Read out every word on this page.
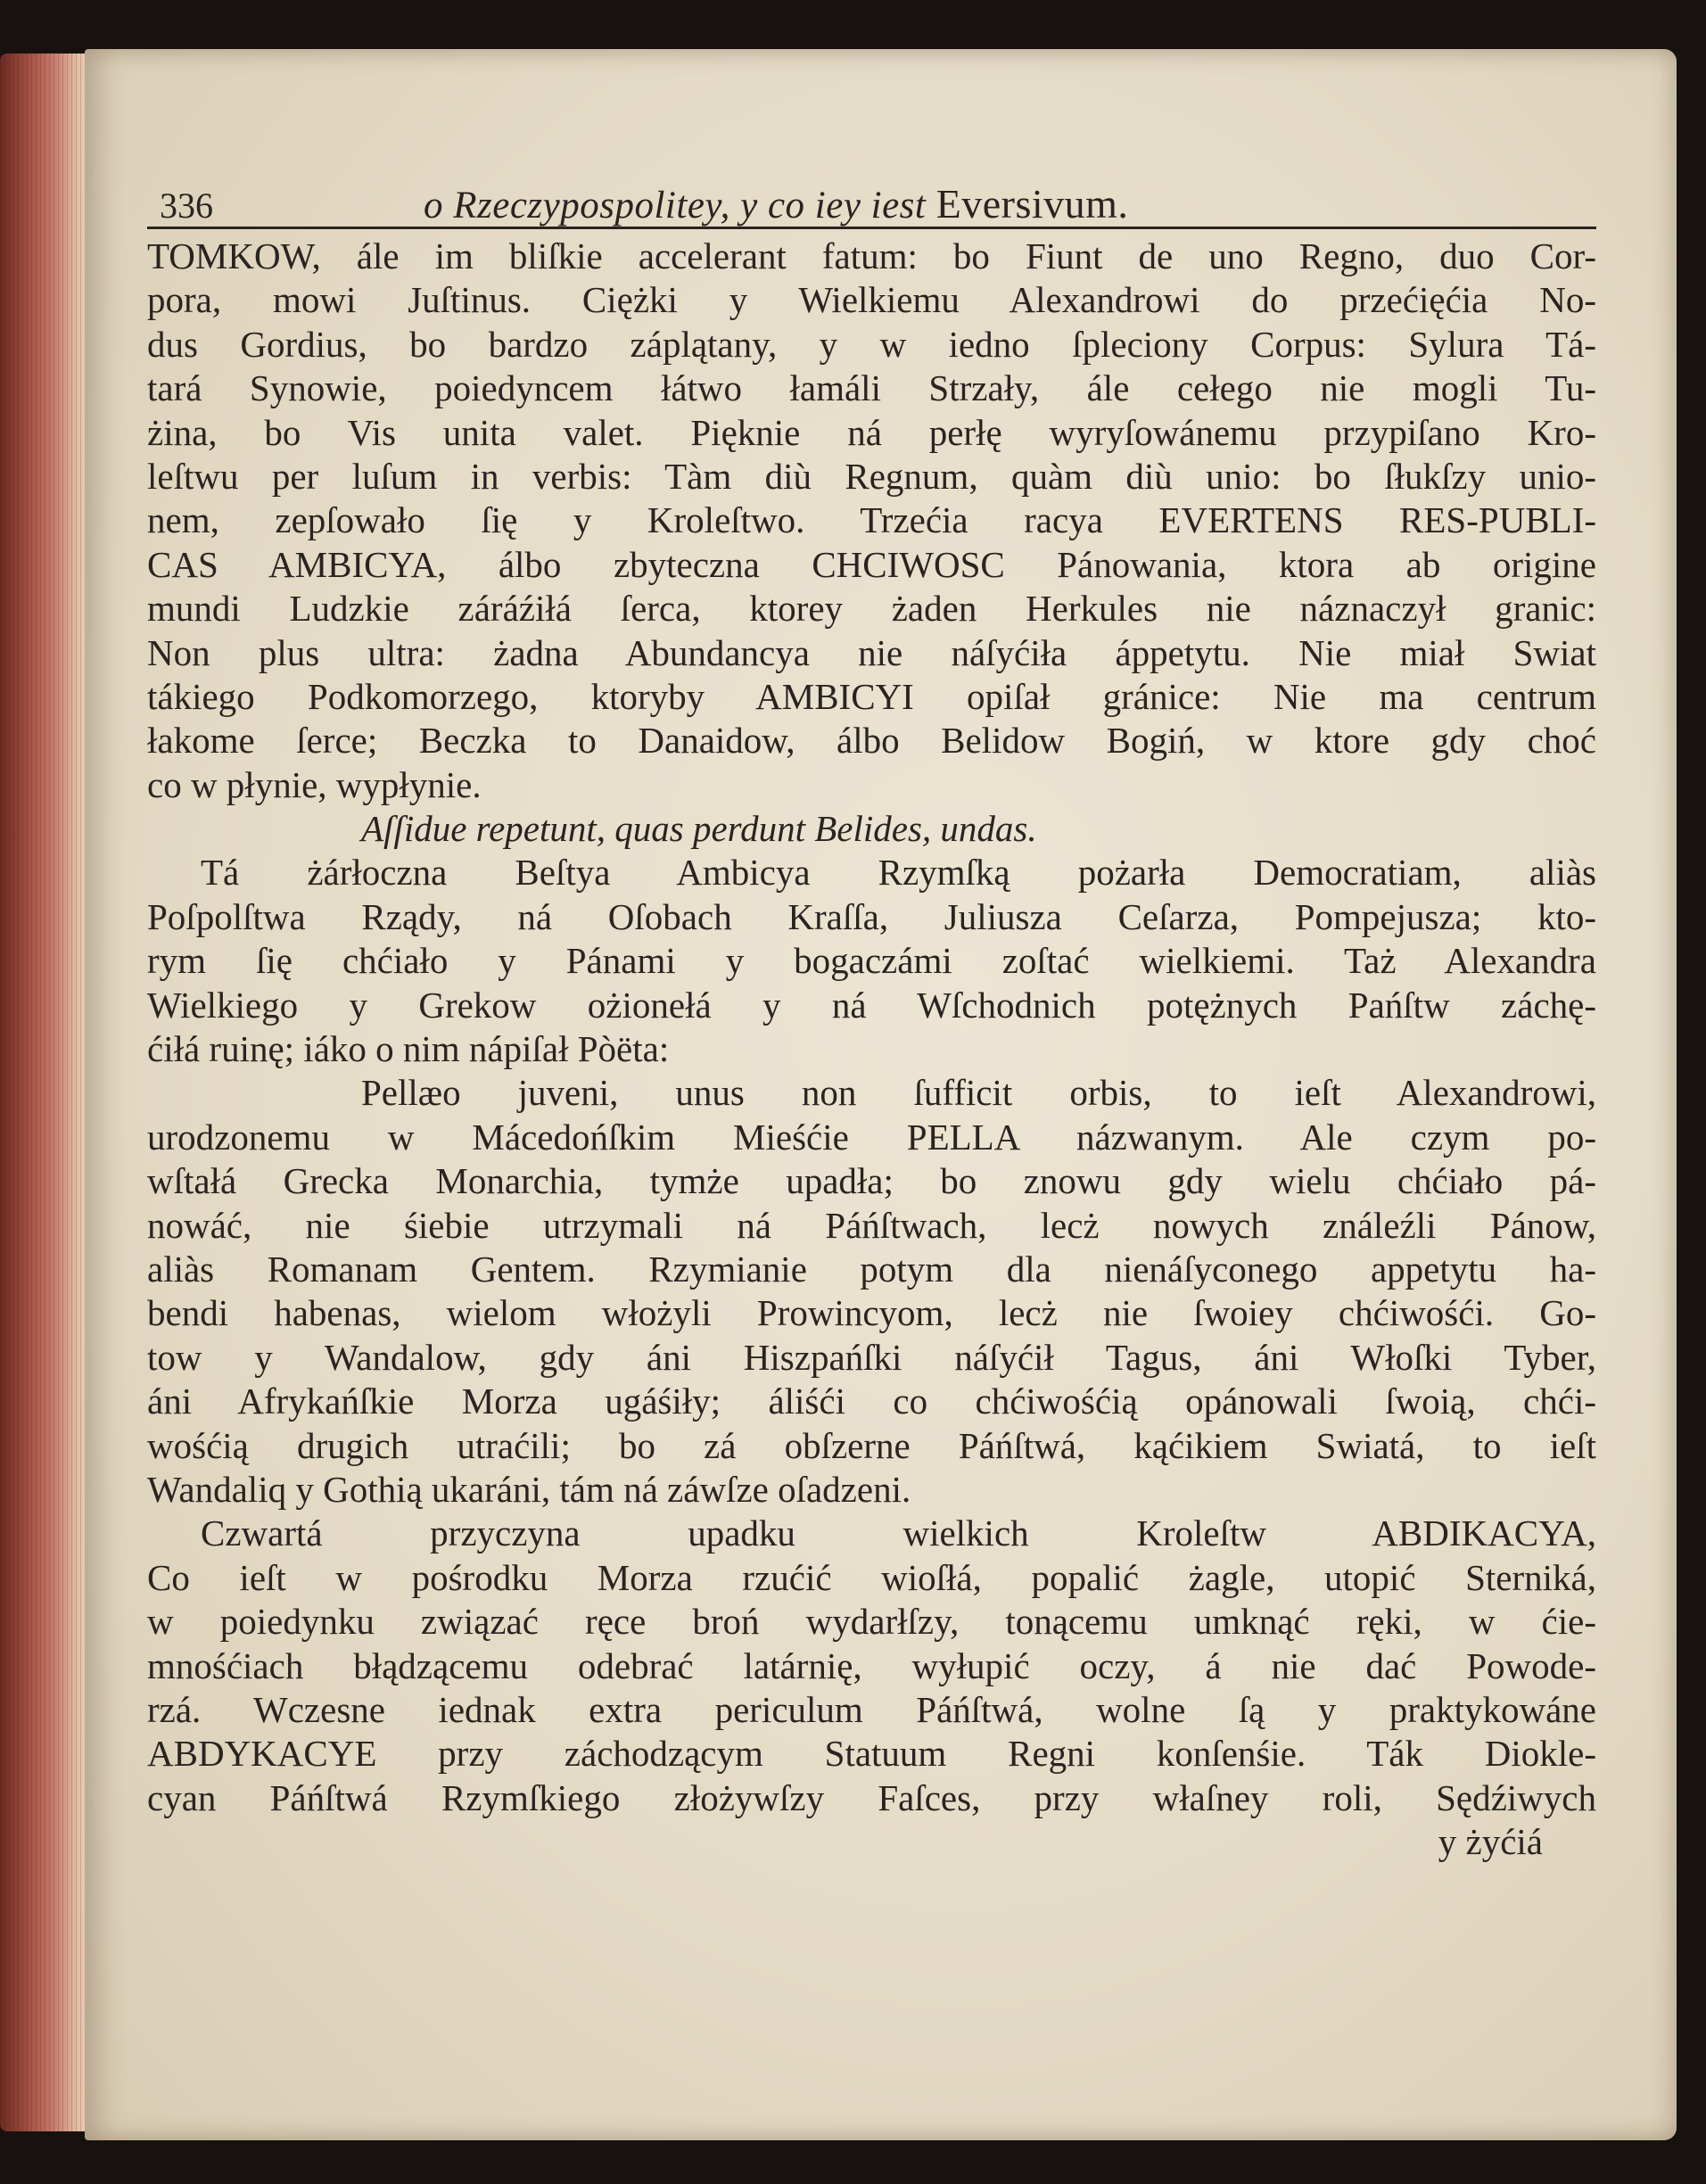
336	o Rzeczypospolitey, y co iey iest Eversivum.
TOMKOW, ále im bliſkie accelerant fatum: bo Fiunt de uno Regno, duo Cor-
pora, mowi Juſtinus. Ciężki y Wielkiemu Alexandrowi do przećięćia No-
dus Gordius, bo bardzo záplątany, y w iedno ſpleciony Corpus: Sylura Tá-
tará Synowie, poiedyncem łátwo łamáli Strzały, ále cełego nie mogli Tu-
żina, bo Vis unita valet. Pięknie ná perłę wyryſowánemu przypiſano Kro-
leſtwu per luſum in verbis: Tàm diù Regnum, quàm diù unio: bo ſłukſzy unio-
nem, zepſowało ſię y Kroleſtwo. Trzećia racya EVERTENS RES-PUBLI-
CAS AMBICYA, álbo zbyteczna CHCIWOSC Pánowania, ktora ab origine
mundi Ludzkie záráźiłá ſerca, ktorey żaden Herkules nie náznaczył granic:
Non plus ultra: żadna Abundancya nie náſyćiła áppetytu. Nie miał Swiat
tákiego Podkomorzego, ktoryby AMBICYI opiſał gránice: Nie ma centrum
łakome ſerce; Beczka to Danaidow, álbo Belidow Bogiń, w ktore gdy choć
co w płynie, wypłynie.
Aſſidue repetunt, quas perdunt Belides, undas.
Tá żárłoczna Beſtya Ambicya Rzymſką pożarła Democratiam, aliàs
Poſpolſtwa Rządy, ná Oſobach Kraſſa, Juliusza Ceſarza, Pompejusza; kto-
rym ſię chćiało y Pánami y bogaczámi zoſtać wielkiemi. Taż Alexandra
Wielkiego y Grekow ożionełá y ná Wſchodnich potężnych Pańſtw záchę-
ćiłá ruinę; iáko o nim nápiſał Pòëta:
Pellæo juveni, unus non ſufficit orbis, to ieſt Alexandrowi,
urodzonemu w Mácedońſkim Mieśćie PELLA názwanym. Ale czym po-
wſtałá Grecka Monarchia, tymże upadła; bo znowu gdy wielu chćiało pá-
nowáć, nie śiebie utrzymali ná Páńſtwach, lecż nowych ználeźli Pánow,
aliàs Romanam Gentem. Rzymianie potym dla nienáſyconego appetytu ha-
bendi habenas, wielom włożyli Prowincyom, lecż nie ſwoiey chćiwośći. Go-
tow y Wandalow, gdy áni Hiszpańſki náſyćił Tagus, áni Włoſki Tyber,
áni Afrykańſkie Morza ugáśiły; áliśći co chćiwośćią opánowali ſwoią, chći-
wośćią drugich utraćili; bo zá obſzerne Páńſtwá, kąćikiem Swiatá, to ieſt
Wandaliq y Gothią ukaráni, tám ná záwſze oſadzeni.
Czwartá przyczyna upadku wielkich Kroleſtw ABDIKACYA,
Co ieſt w pośrodku Morza rzućić wioſłá, popalić żagle, utopić Sterniká,
w poiedynku związać ręce broń wydarłſzy, tonącemu umknąć ręki, w ćie-
mnośćiach błądzącemu odebrać latárnię, wyłupić oczy, á nie dać Powode-
rzá. Wczesne iednak extra periculum Páńſtwá, wolne ſą y praktykowáne
ABDYKACYE przy záchodzącym Statuum Regni konſenśie. Ták Diokle-
cyan Páńſtwá Rzymſkiego złożywſzy Faſces, przy właſney roli, Sędźiwych
y żyćiá
